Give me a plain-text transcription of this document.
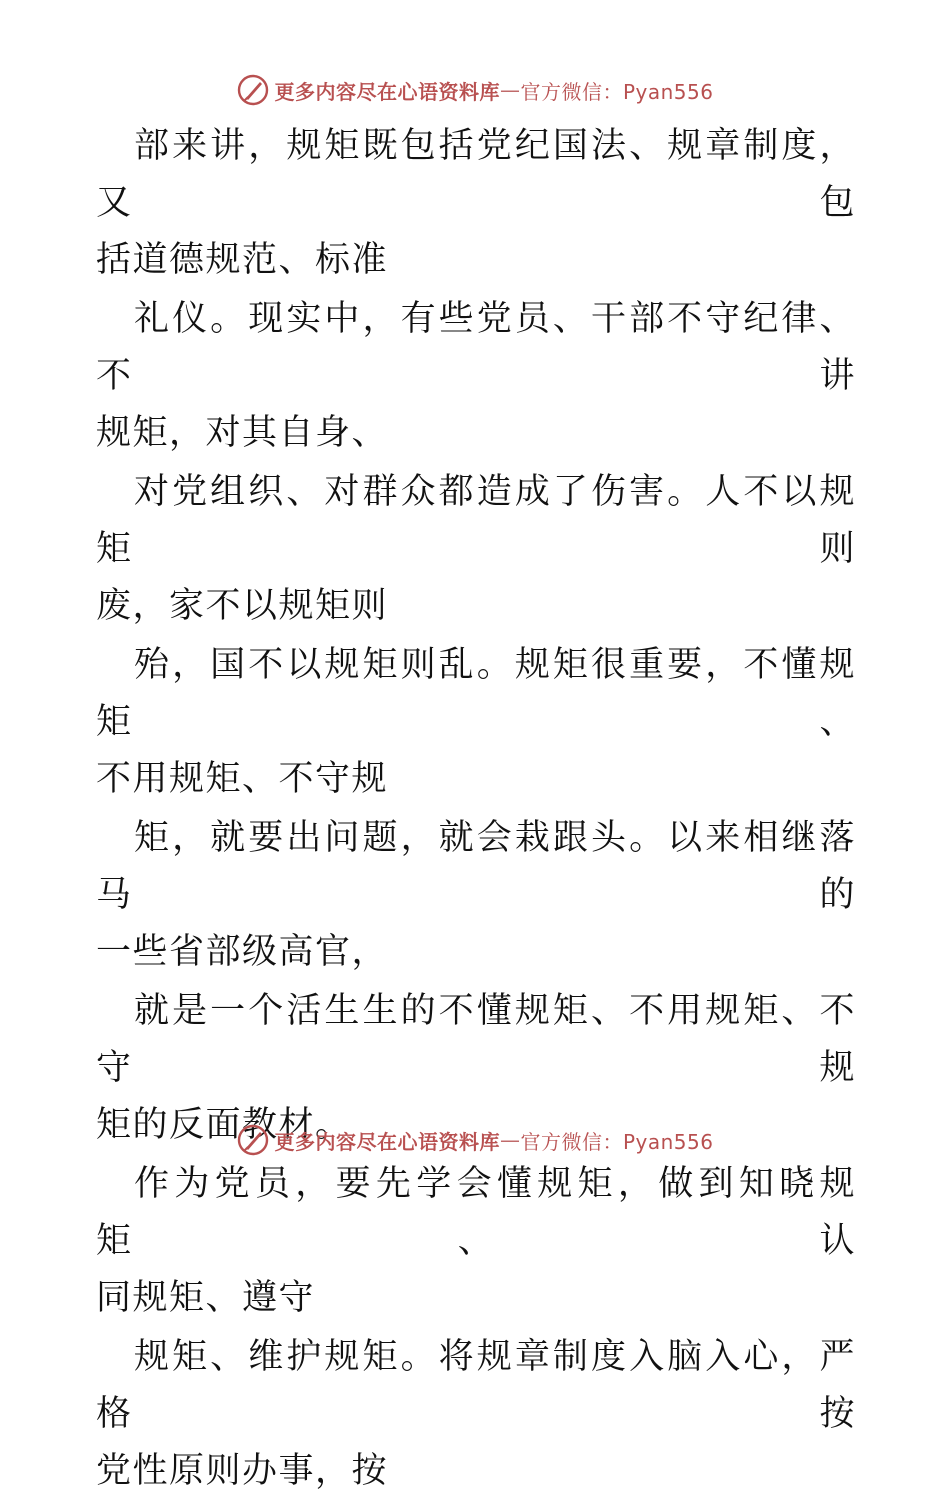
更多内容尽在心语资料库 — 官方微信：Pyan556

部来讲，规矩既包括党纪国法、规章制度，又包
括道德规范、标准

礼仪。现实中，有些党员、干部不守纪律、不讲
规矩，对其自身、

对党组织、对群众都造成了伤害。人不以规矩则
废，家不以规矩则

殆，国不以规矩则乱。规矩很重要，不懂规矩、
不用规矩、不守规

矩，就要出问题，就会栽跟头。以来相继落马的
一些省部级高官，

就是一个活生生的不懂规矩、不用规矩、不守规
矩的反面教材。

作为党员，要先学会懂规矩，做到知晓规矩、认
同规矩、遵守

规矩、维护规矩。将规章制度入脑入心，严格按
党性原则办事，按

更多内容尽在心语资料库 — 官方微信：Pyan556
